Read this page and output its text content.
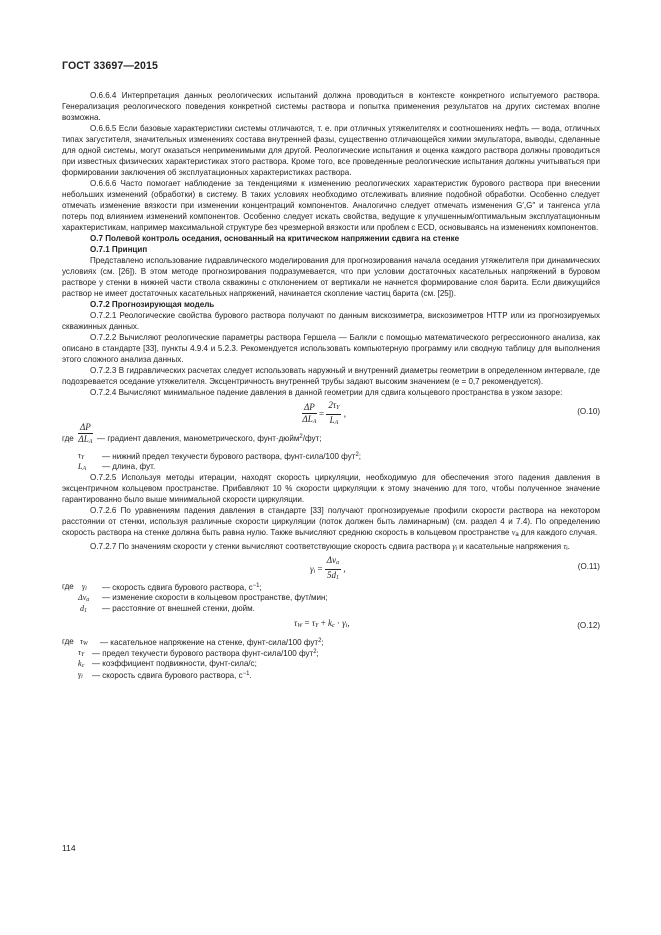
ГОСТ 33697—2015

О.6.6.4 Интерпретация данных реологических испытаний должна проводиться в контексте конкретного испытуемого раствора. Генерализация реологического поведения конкретной системы раствора и попытка применения результатов на других системах вполне возможна.

О.6.6.5 Если базовые характеристики системы отличаются, т. е. при отличных утяжелителях и соотношениях нефть — вода, отличных типах загустителя, значительных изменениях состава внутренней фазы, существенно отличающейся химии эмульгатора, выводы, сделанные для одной системы, могут оказаться неприменимыми для другой. Реологические испытания и оценка каждого раствора должны проводиться при известных физических характеристиках этого раствора. Кроме того, все проведенные реологические испытания должны учитываться при формировании заключения об эксплуатационных характеристиках раствора.

О.6.6.6 Часто помогает наблюдение за тенденциями к изменению реологических характеристик бурового раствора при внесении небольших изменений (обработки) в систему. В таких условиях необходимо отслеживать влияние подобной обработки. Особенно следует отмечать изменение вязкости при изменении концентраций компонентов. Аналогично следует отмечать изменения G′,G″ и тангенса угла потерь под влиянием изменений компонентов. Особенно следует искать свойства, ведущие к улучшенным/оптимальным эксплуатационным характеристикам, например максимальной структуре без чрезмерной вязкости или проблем с ECD, основываясь на изменениях компонентов.

О.7 Полевой контроль оседания, основанный на критическом напряжении сдвига на стенке

О.7.1 Принцип

Представлено использование гидравлического моделирования для прогнозирования начала оседания утяжелителя при динамических условиях (см. [26]). В этом методе прогнозирования подразумевается, что при условии достаточных касательных напряжений в буровом растворе у стенки в нижней части ствола скважины с отклонением от вертикали не начнется формирование слоя барита. Если движущийся раствор не имеет достаточных касательных напряжений, начинается скопление частиц барита (см. [25]).

О.7.2 Прогнозирующая модель

О.7.2.1 Реологические свойства бурового раствора получают по данным вискозиметра, вискозиметров НТТР или из прогнозируемых скважинных данных.

О.7.2.2 Вычисляют реологические параметры раствора Гершела — Балкли с помощью математического регрессионного анализа, как описано в стандарте [33], пункты 4.9.4 и 5.2.3. Рекомендуется использовать компьютерную программу или сводную таблицу для выполнения этого сложного анализа данных.

О.7.2.3 В гидравлических расчетах следует использовать наружный и внутренний диаметры геометрии в определенном интервале, где подозревается оседание утяжелителя. Эксцентричность внутренней трубы задают высоким значением (е = 0,7 рекомендуется).

О.7.2.4 Вычисляют минимальное падение давления в данной геометрии для сдвига кольцевого пространства в узком зазоре:

$\frac{\Delta P}{\text{ΔLA}} = \frac{2\tau Y}{LA}$ ,	(О.10)
где $\frac{\Delta P}{\text{ΔLA}}$ — градиент давления, манометрического, фунт·дюйм$^2$/фут;
τY — нижний предел текучести бурового раствора, фунт-сила/100 фут$^2$;
LA — длина, фут.

О.7.2.5 Используя методы итерации, находят скорость циркуляции, необходимую для обеспечения этого падения давления в эксцентричном кольцевом пространстве. Прибавляют 10 % скорости циркуляции к этому значению для того, чтобы полученное значение гарантированно было выше минимальной скорости циркуляции.

О.7.2.6 По уравнениям падения давления в стандарте [33] получают прогнозируемые профили скорости раствора на некотором расстоянии от стенки, используя различные скорости циркуляции (поток должен быть ламинарным) (см. раздел 4 и 7.4). По определению скорость раствора на стенке должна быть равна нулю. Также вычисляют среднюю скорость в кольцевом пространстве va для каждого случая.

О.7.2.7 По значениям скорости у стенки вычисляют соответствующие скорость сдвига раствора γi и касательные напряжения τi.

$\gamma i = \frac{\text{Δva}}{5d1}$ ,	(О.11)
где γi — скорость сдвига бурового раствора, $с^{-1}$;
Δva — изменение скорости в кольцевом пространстве, фут/мин;
d1 — расстояние от внешней стенки, дюйм.
τW = τY + kc · γi,	(О.12)
где τW — касательное напряжение на стенке, фунт-сила/100 фут$^2$;
τY — предел текучести бурового раствора фунт-сила/100 фут$^2$;
kc — коэффициент подвижности, фунт-сила/с;
γi — скорость сдвига бурового раствора, $с^{-1}$.
114
